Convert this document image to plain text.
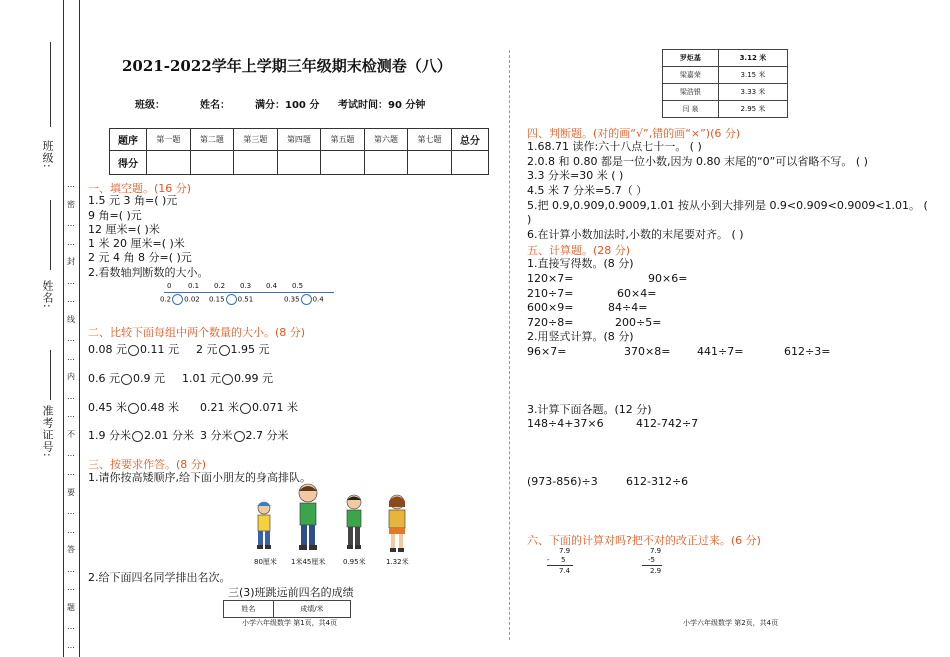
班级:
姓名:
准考证号:
…
密
…
…
封
…
…
线
…
…
内
…
…
不
…
…
要
…
…
答
…
…
题
…
…
2021-2022学年上学期三年级期末检测卷（八）
班级：	姓名：	满分：100 分 考试时间：90 分钟
题序	第一题	第二题	第三题	第四题	第五题	第六题	第七题	总分
得分								
一、填空题。(16 分)
1.5 元 3 角=( )元
9 角=( )元
12 厘米=( )米
1 米 20 厘米=( )米
2 元 4 角 8 分=( )元
2.看数轴判断数的大小。
0 0.1 0.2 0.3 0.4 0.5
0.2 0.02 0.15 0.51	0.35 0.4
二、比较下面每组中两个数量的大小。(8 分)
0.08 元 0.11 元 2 元 1.95 元
0.6 元 0.9 元 1.01 元 0.99 元
0.45 米 0.48 米 0.21 米 0.071 米
1.9 分米 2.01 分米 3 分米 2.7 分米
三、按要求作答。(8 分)
1.请你按高矮顺序,给下面小朋友的身高排队。
80厘米 1米45厘米	0.95米	1.32米
2.给下面四名同学排出名次。
三(3)班跳远前四名的成绩
姓名	成绩/米
小学六年级数学 第1页，共4页
罗炬基	3.12 米
梁嘉荣	3.15 米
梁浩银	3.33 米
闫 泉	2.95 米
四、判断题。(对的画“√”,错的画“×”)(6 分)
1.68.71 读作:六十八点七十一。 ( )
2.0.8 和 0.80 都是一位小数,因为 0.80 末尾的“0”可以省略不写。 ( )
3.3 分米=30 米 ( )
4.5 米 7 分米=5.7（ ）
5.把 0.9,0.909,0.9009,1.01 按从小到大排列是 0.9<0.909<0.9009<1.01。 (
)
6.在计算小数加法时,小数的末尾要对齐。 ( )
五、计算题。(28 分)
1.直接写得数。(8 分)
120×7=	90×6=
210÷7=	60×4=
600×9=	84÷4=
720÷8=	200÷5=
2.用竖式计算。(8 分)
96×7=	370×8= 441÷7=	612÷3=
3.计算下面各题。(12 分)
148÷4+37×6	412-742÷7
(973-856)÷3	612-312÷6
六、下面的计算对吗?把不对的改正过来。(6 分)
7.9
- 5
7.4
7.9
-5
2.9
小学六年级数学 第2页，共4页
